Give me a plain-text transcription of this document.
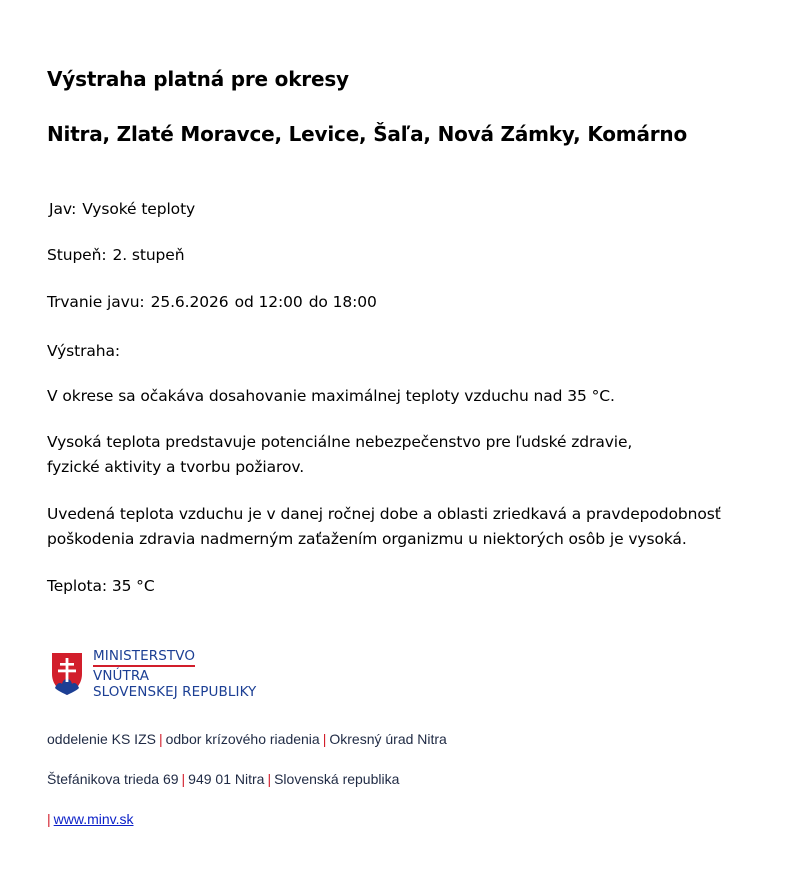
Výstraha platná pre okresy
Nitra, Zlaté Moravce, Levice, Šaľa, Nová Zámky, Komárno
Jav: Vysoké teploty
Stupeň: 2. stupeň
Trvanie javu: 25.6.2026 od 12:00 do 18:00
Výstraha:
V okrese sa očakáva dosahovanie maximálnej teploty vzduchu nad 35 °C.
Vysoká teplota predstavuje potenciálne nebezpečenstvo pre ľudské zdravie,
fyzické aktivity a tvorbu požiarov.
Uvedená teplota vzduchu je v danej ročnej dobe a oblasti zriedkavá a pravdepodobnosť
poškodenia zdravia nadmerným zaťažením organizmu u niektorých osôb je vysoká.
Teplota: 35 °C
MINISTERSTVO
VNÚTRA
SLOVENSKEJ REPUBLIKY
oddelenie KS IZS | odbor krízového riadenia | Okresný úrad Nitra
Štefánikova trieda 69 | 949 01 Nitra | Slovenská republika
| www.minv.sk
